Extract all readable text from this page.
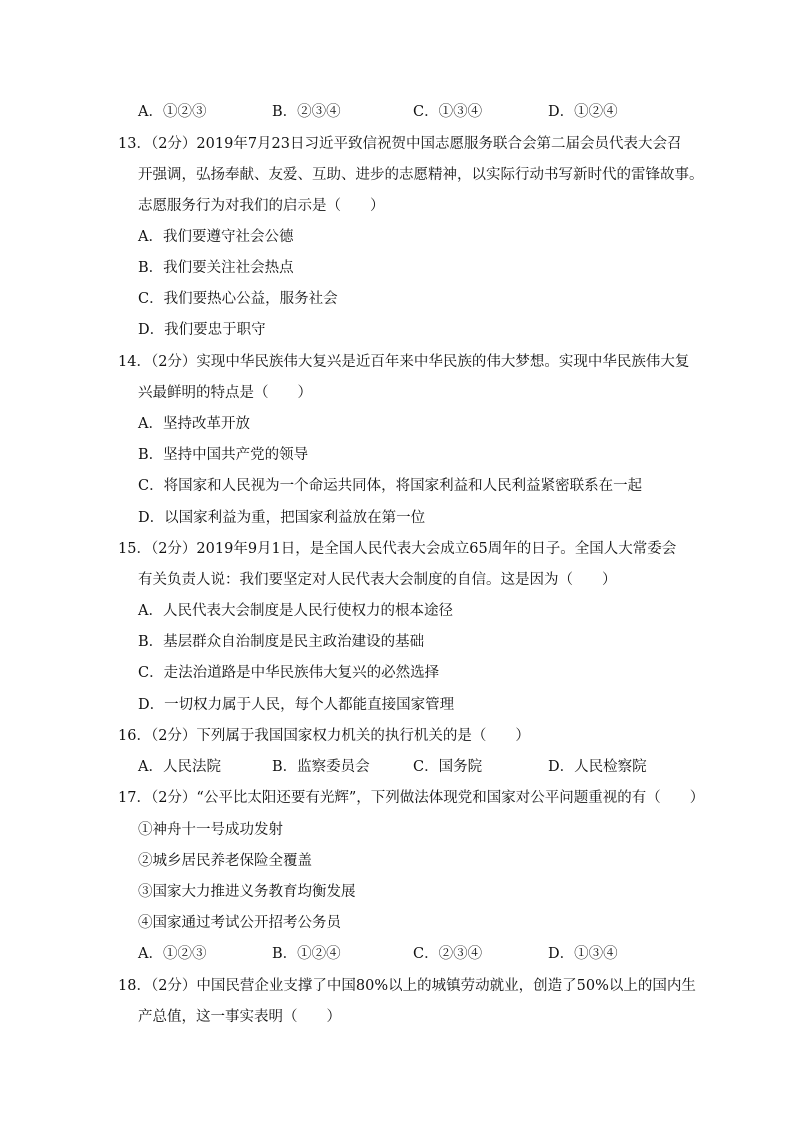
A．①②③	B．②③④	C．①③④	D．①②④
13．（2分）2019年7月23日习近平致信祝贺中国志愿服务联合会第二届会员代表大会召
开强调，弘扬奉献、友爱、互助、进步的志愿精神，以实际行动书写新时代的雷锋故事。
志愿服务行为对我们的启示是（　　）
A．我们要遵守社会公德
B．我们要关注社会热点
C．我们要热心公益，服务社会
D．我们要忠于职守
14．（2分）实现中华民族伟大复兴是近百年来中华民族的伟大梦想。实现中华民族伟大复
兴最鲜明的特点是（　　）
A．坚持改革开放
B．坚持中国共产党的领导
C．将国家和人民视为一个命运共同体，将国家利益和人民利益紧密联系在一起
D．以国家利益为重，把国家利益放在第一位
15．（2分）2019年9月1日，是全国人民代表大会成立65周年的日子。全国人大常委会
有关负责人说：我们要坚定对人民代表大会制度的自信。这是因为（　　）
A．人民代表大会制度是人民行使权力的根本途径
B．基层群众自治制度是民主政治建设的基础
C．走法治道路是中华民族伟大复兴的必然选择
D．一切权力属于人民，每个人都能直接国家管理
16．（2分）下列属于我国国家权力机关的执行机关的是（　　）
A．人民法院	B．监察委员会	C．国务院	D．人民检察院
17．（2分）“公平比太阳还要有光辉”，下列做法体现党和国家对公平问题重视的有（　　）
①神舟十一号成功发射
②城乡居民养老保险全覆盖
③国家大力推进义务教育均衡发展
④国家通过考试公开招考公务员
A．①②③	B．①②④	C．②③④	D．①③④
18．（2分）中国民营企业支撑了中国80%以上的城镇劳动就业，创造了50%以上的国内生
产总值，这一事实表明（　　）
